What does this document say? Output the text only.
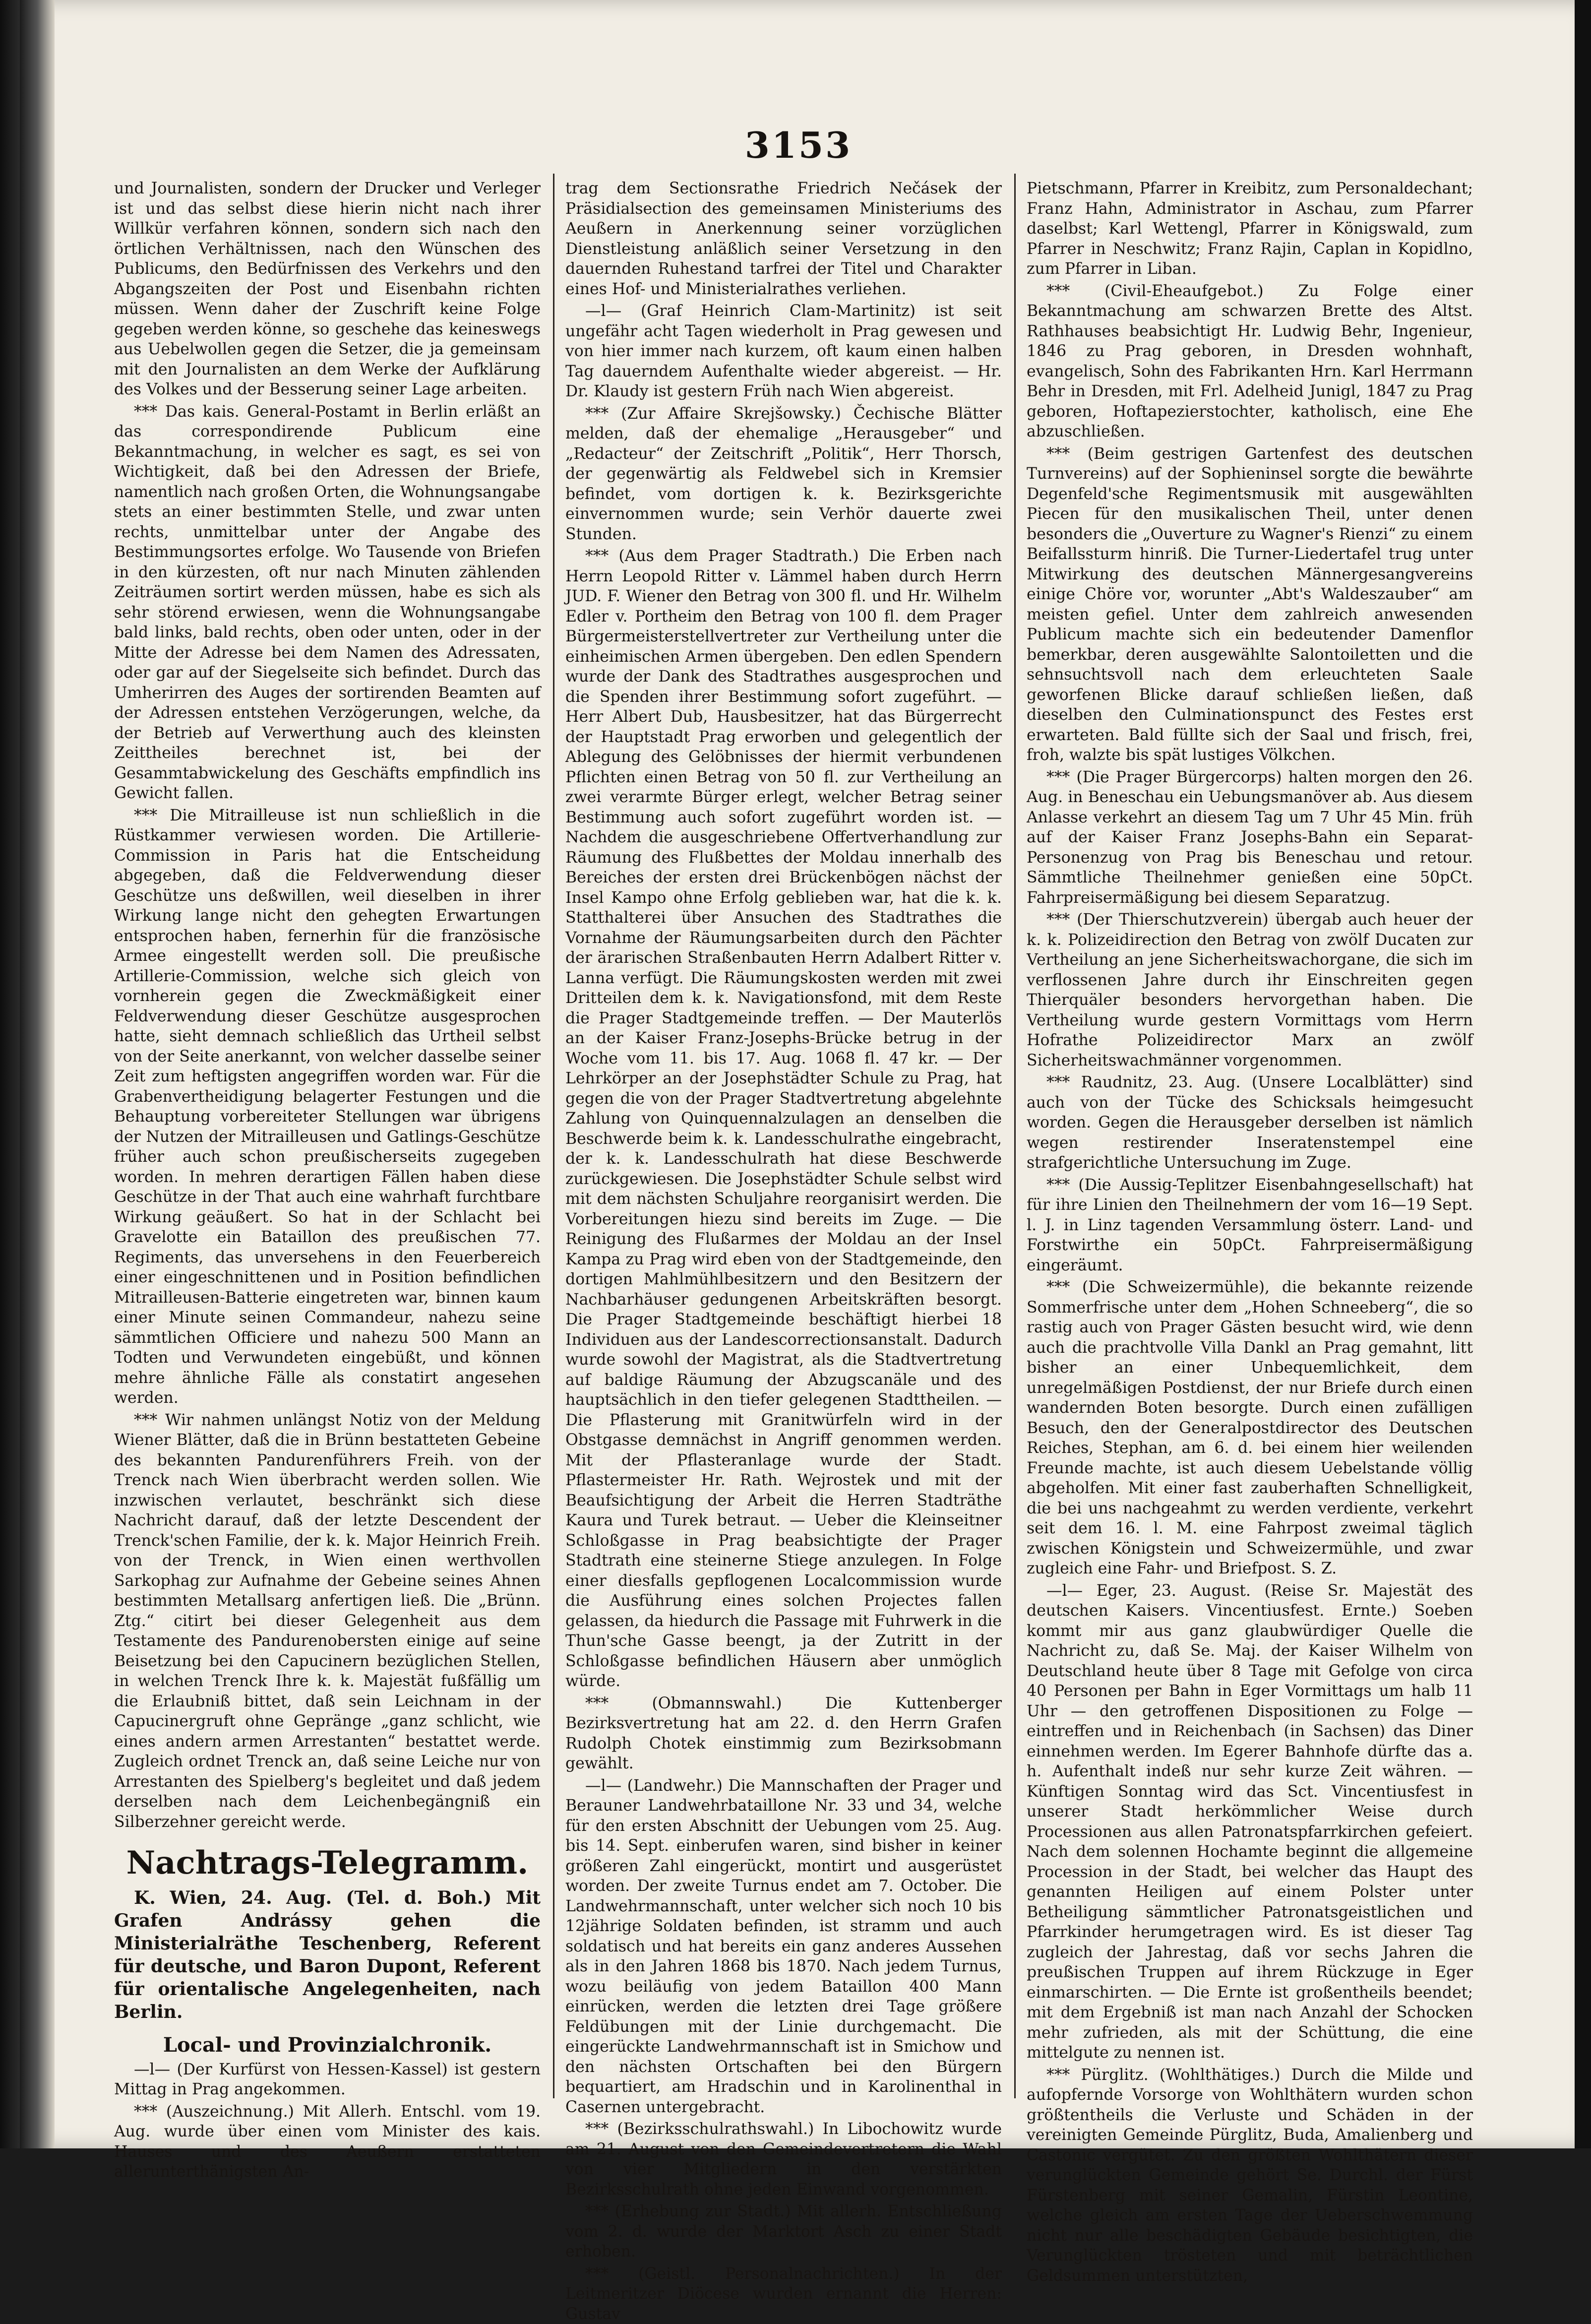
3153

und Journalisten, sondern der Drucker und Verleger ist und das selbst diese hierin nicht nach ihrer Willkür verfahren können, sondern sich nach den örtlichen Verhältnissen, nach den Wünschen des Publicums, den Bedürfnissen des Verkehrs und den Abgangszeiten der Post und Eisenbahn richten müssen. Wenn daher der Zuschrift keine Folge gegeben werden könne, so geschehe das keineswegs aus Uebelwollen gegen die Setzer, die ja gemeinsam mit den Journalisten an dem Werke der Aufklärung des Volkes und der Besserung seiner Lage arbeiten.

*** Das kais. General-Postamt in Berlin erläßt an das correspondirende Publicum eine Bekanntmachung, in welcher es sagt, es sei von Wichtigkeit, daß bei den Adressen der Briefe, namentlich nach großen Orten, die Wohnungsangabe stets an einer bestimmten Stelle, und zwar unten rechts, unmittelbar unter der Angabe des Bestimmungsortes erfolge. Wo Tausende von Briefen in den kürzesten, oft nur nach Minuten zählenden Zeiträumen sortirt werden müssen, habe es sich als sehr störend erwiesen, wenn die Wohnungsangabe bald links, bald rechts, oben oder unten, oder in der Mitte der Adresse bei dem Namen des Adressaten, oder gar auf der Siegelseite sich befindet. Durch das Umherirren des Auges der sortirenden Beamten auf der Adressen entstehen Verzögerungen, welche, da der Betrieb auf Verwerthung auch des kleinsten Zeittheiles berechnet ist, bei der Gesammtabwickelung des Geschäfts empfindlich ins Gewicht fallen.

*** Die Mitrailleuse ist nun schließlich in die Rüstkammer verwiesen worden. Die Artillerie-Commission in Paris hat die Entscheidung abgegeben, daß die Feldverwendung dieser Geschütze uns deßwillen, weil dieselben in ihrer Wirkung lange nicht den gehegten Erwartungen entsprochen haben, fernerhin für die französische Armee eingestellt werden soll. Die preußische Artillerie-Commission, welche sich gleich von vornherein gegen die Zweckmäßigkeit einer Feldverwendung dieser Geschütze ausgesprochen hatte, sieht demnach schließlich das Urtheil selbst von der Seite anerkannt, von welcher dasselbe seiner Zeit zum heftigsten angegriffen worden war. Für die Grabenvertheidigung belagerter Festungen und die Behauptung vorbereiteter Stellungen war übrigens der Nutzen der Mitrailleusen und Gatlings-Geschütze früher auch schon preußischerseits zugegeben worden. In mehren derartigen Fällen haben diese Geschütze in der That auch eine wahrhaft furchtbare Wirkung geäußert. So hat in der Schlacht bei Gravelotte ein Bataillon des preußischen 77. Regiments, das unversehens in den Feuerbereich einer eingeschnittenen und in Position befindlichen Mitrailleusen-Batterie eingetreten war, binnen kaum einer Minute seinen Commandeur, nahezu seine sämmtlichen Officiere und nahezu 500 Mann an Todten und Verwundeten eingebüßt, und können mehre ähnliche Fälle als constatirt angesehen werden.

*** Wir nahmen unlängst Notiz von der Meldung Wiener Blätter, daß die in Brünn bestatteten Gebeine des bekannten Pandurenführers Freih. von der Trenck nach Wien überbracht werden sollen. Wie inzwischen verlautet, beschränkt sich diese Nachricht darauf, daß der letzte Descendent der Trenck'schen Familie, der k. k. Major Heinrich Freih. von der Trenck, in Wien einen werthvollen Sarkophag zur Aufnahme der Gebeine seines Ahnen bestimmten Metallsarg anfertigen ließ. Die „Brünn. Ztg.“ citirt bei dieser Gelegenheit aus dem Testamente des Pandurenobersten einige auf seine Beisetzung bei den Capucinern bezüglichen Stellen, in welchen Trenck Ihre k. k. Majestät fußfällig um die Erlaubniß bittet, daß sein Leichnam in der Capucinergruft ohne Gepränge „ganz schlicht, wie eines andern armen Arrestanten“ bestattet werde. Zugleich ordnet Trenck an, daß seine Leiche nur von Arrestanten des Spielberg's begleitet und daß jedem derselben nach dem Leichenbegängniß ein Silberzehner gereicht werde.

Nachtrags-Telegramm.

K. Wien, 24. Aug. (Tel. d. Boh.) Mit Grafen Andrássy gehen die Ministerialräthe Teschenberg, Referent für deutsche, und Baron Dupont, Referent für orientalische Angelegenheiten, nach Berlin.

Local- und Provinzialchronik.

—l— (Der Kurfürst von Hessen-Kassel) ist gestern Mittag in Prag angekommen.

*** (Auszeichnung.) Mit Allerh. Entschl. vom 19. Aug. wurde über einen vom Minister des kais. Hauses und des Aeußern erstatteten allerunterthänigsten An-

trag dem Sectionsrathe Friedrich Nečásek der Präsidialsection des gemeinsamen Ministeriums des Aeußern in Anerkennung seiner vorzüglichen Dienstleistung anläßlich seiner Versetzung in den dauernden Ruhestand tarfrei der Titel und Charakter eines Hof- und Ministerialrathes verliehen.

—l— (Graf Heinrich Clam-Martinitz) ist seit ungefähr acht Tagen wiederholt in Prag gewesen und von hier immer nach kurzem, oft kaum einen halben Tag dauerndem Aufenthalte wieder abgereist. — Hr. Dr. Klaudy ist gestern Früh nach Wien abgereist.

*** (Zur Affaire Skrejšowsky.) Čechische Blätter melden, daß der ehemalige „Herausgeber“ und „Redacteur“ der Zeitschrift „Politik“, Herr Thorsch, der gegenwärtig als Feldwebel sich in Kremsier befindet, vom dortigen k. k. Bezirksgerichte einvernommen wurde; sein Verhör dauerte zwei Stunden.

*** (Aus dem Prager Stadtrath.) Die Erben nach Herrn Leopold Ritter v. Lämmel haben durch Herrn JUD. F. Wiener den Betrag von 300 fl. und Hr. Wilhelm Edler v. Portheim den Betrag von 100 fl. dem Prager Bürgermeisterstellvertreter zur Vertheilung unter die einheimischen Armen übergeben. Den edlen Spendern wurde der Dank des Stadtrathes ausgesprochen und die Spenden ihrer Bestimmung sofort zugeführt. — Herr Albert Dub, Hausbesitzer, hat das Bürgerrecht der Hauptstadt Prag erworben und gelegentlich der Ablegung des Gelöbnisses der hiermit verbundenen Pflichten einen Betrag von 50 fl. zur Vertheilung an zwei verarmte Bürger erlegt, welcher Betrag seiner Bestimmung auch sofort zugeführt worden ist. — Nachdem die ausgeschriebene Offertverhandlung zur Räumung des Flußbettes der Moldau innerhalb des Bereiches der ersten drei Brückenbögen nächst der Insel Kampo ohne Erfolg geblieben war, hat die k. k. Statthalterei über Ansuchen des Stadtrathes die Vornahme der Räumungsarbeiten durch den Pächter der ärarischen Straßenbauten Herrn Adalbert Ritter v. Lanna verfügt. Die Räumungskosten werden mit zwei Dritteilen dem k. k. Navigationsfond, mit dem Reste die Prager Stadtgemeinde treffen. — Der Mauterlös an der Kaiser Franz-Josephs-Brücke betrug in der Woche vom 11. bis 17. Aug. 1068 fl. 47 kr. — Der Lehrkörper an der Josephstädter Schule zu Prag, hat gegen die von der Prager Stadtvertretung abgelehnte Zahlung von Quinquennalzulagen an denselben die Beschwerde beim k. k. Landesschulrathe eingebracht, der k. k. Landesschulrath hat diese Beschwerde zurückgewiesen. Die Josephstädter Schule selbst wird mit dem nächsten Schuljahre reorganisirt werden. Die Vorbereitungen hiezu sind bereits im Zuge. — Die Reinigung des Flußarmes der Moldau an der Insel Kampa zu Prag wird eben von der Stadtgemeinde, den dortigen Mahlmühlbesitzern und den Besitzern der Nachbarhäuser gedungenen Arbeitskräften besorgt. Die Prager Stadtgemeinde beschäftigt hierbei 18 Individuen aus der Landescorrectionsanstalt. Dadurch wurde sowohl der Magistrat, als die Stadtvertretung auf baldige Räumung der Abzugscanäle und des hauptsächlich in den tiefer gelegenen Stadttheilen. — Die Pflasterung mit Granitwürfeln wird in der Obstgasse demnächst in Angriff genommen werden. Mit der Pflasteranlage wurde der Stadt. Pflastermeister Hr. Rath. Wejrostek und mit der Beaufsichtigung der Arbeit die Herren Stadträthe Kaura und Turek betraut. — Ueber die Kleinseitner Schloßgasse in Prag beabsichtigte der Prager Stadtrath eine steinerne Stiege anzulegen. In Folge einer diesfalls gepflogenen Localcommission wurde die Ausführung eines solchen Projectes fallen gelassen, da hiedurch die Passage mit Fuhrwerk in die Thun'sche Gasse beengt, ja der Zutritt in der Schloßgasse befindlichen Häusern aber unmöglich würde.

*** (Obmannswahl.) Die Kuttenberger Bezirksvertretung hat am 22. d. den Herrn Grafen Rudolph Chotek einstimmig zum Bezirksobmann gewählt.

—l— (Landwehr.) Die Mannschaften der Prager und Berauner Landwehrbataillone Nr. 33 und 34, welche für den ersten Abschnitt der Uebungen vom 25. Aug. bis 14. Sept. einberufen waren, sind bisher in keiner größeren Zahl eingerückt, montirt und ausgerüstet worden. Der zweite Turnus endet am 7. October. Die Landwehrmannschaft, unter welcher sich noch 10 bis 12jährige Soldaten befinden, ist stramm und auch soldatisch und hat bereits ein ganz anderes Aussehen als in den Jahren 1868 bis 1870. Nach jedem Turnus, wozu beiläufig von jedem Bataillon 400 Mann einrücken, werden die letzten drei Tage größere Feldübungen mit der Linie durchgemacht. Die eingerückte Landwehrmannschaft ist in Smichow und den nächsten Ortschaften bei den Bürgern bequartiert, am Hradschin und in Karolinenthal in Casernen untergebracht.

*** (Bezirksschulrathswahl.) In Libochowitz wurde am 21. August von den Gemeindevertretern die Wahl von vier Mitgliedern in den verstärkten Bezirksschulrath ohne jeden Einwand vorgenommen.

*** (Erhebung zur Stadt.) Mit allerh. Entschließung vom 2. d. wurde der Marktort Asch zu einer Stadt erhoben.

*** (Geistl. Personalnachrichten.) In der Leitmeritzer Diöcese wurden ernannt die Herren: Gustav

Pietschmann, Pfarrer in Kreibitz, zum Personaldechant; Franz Hahn, Administrator in Aschau, zum Pfarrer daselbst; Karl Wettengl, Pfarrer in Königswald, zum Pfarrer in Neschwitz; Franz Rajin, Caplan in Kopidlno, zum Pfarrer in Liban.

*** (Civil-Eheaufgebot.) Zu Folge einer Bekanntmachung am schwarzen Brette des Altst. Rathhauses beabsichtigt Hr. Ludwig Behr, Ingenieur, 1846 zu Prag geboren, in Dresden wohnhaft, evangelisch, Sohn des Fabrikanten Hrn. Karl Herrmann Behr in Dresden, mit Frl. Adelheid Junigl, 1847 zu Prag geboren, Hoftapezierstochter, katholisch, eine Ehe abzuschließen.

*** (Beim gestrigen Gartenfest des deutschen Turnvereins) auf der Sophieninsel sorgte die bewährte Degenfeld'sche Regimentsmusik mit ausgewählten Piecen für den musikalischen Theil, unter denen besonders die „Ouverture zu Wagner's Rienzi“ zu einem Beifallssturm hinriß. Die Turner-Liedertafel trug unter Mitwirkung des deutschen Männergesangvereins einige Chöre vor, worunter „Abt's Waldeszauber“ am meisten gefiel. Unter dem zahlreich anwesenden Publicum machte sich ein bedeutender Damenflor bemerkbar, deren ausgewählte Salontoiletten und die sehnsuchtsvoll nach dem erleuchteten Saale geworfenen Blicke darauf schließen ließen, daß dieselben den Culminationspunct des Festes erst erwarteten. Bald füllte sich der Saal und frisch, frei, froh, walzte bis spät lustiges Völkchen.

*** (Die Prager Bürgercorps) halten morgen den 26. Aug. in Beneschau ein Uebungsmanöver ab. Aus diesem Anlasse verkehrt an diesem Tag um 7 Uhr 45 Min. früh auf der Kaiser Franz Josephs-Bahn ein Separat-Personenzug von Prag bis Beneschau und retour. Sämmtliche Theilnehmer genießen eine 50pCt. Fahrpreisermäßigung bei diesem Separatzug.

*** (Der Thierschutzverein) übergab auch heuer der k. k. Polizeidirection den Betrag von zwölf Ducaten zur Vertheilung an jene Sicherheitswachorgane, die sich im verflossenen Jahre durch ihr Einschreiten gegen Thierquäler besonders hervorgethan haben. Die Vertheilung wurde gestern Vormittags vom Herrn Hofrathe Polizeidirector Marx an zwölf Sicherheitswachmänner vorgenommen.

*** Raudnitz, 23. Aug. (Unsere Localblätter) sind auch von der Tücke des Schicksals heimgesucht worden. Gegen die Herausgeber derselben ist nämlich wegen restirender Inseratenstempel eine strafgerichtliche Untersuchung im Zuge.

*** (Die Aussig-Teplitzer Eisenbahngesellschaft) hat für ihre Linien den Theilnehmern der vom 16—19 Sept. l. J. in Linz tagenden Versammlung österr. Land- und Forstwirthe ein 50pCt. Fahrpreisermäßigung eingeräumt.

*** (Die Schweizermühle), die bekannte reizende Sommerfrische unter dem „Hohen Schneeberg“, die so rastig auch von Prager Gästen besucht wird, wie denn auch die prachtvolle Villa Dankl an Prag gemahnt, litt bisher an einer Unbequemlichkeit, dem unregelmäßigen Postdienst, der nur Briefe durch einen wandernden Boten besorgte. Durch einen zufälligen Besuch, den der Generalpostdirector des Deutschen Reiches, Stephan, am 6. d. bei einem hier weilenden Freunde machte, ist auch diesem Uebelstande völlig abgeholfen. Mit einer fast zauberhaften Schnelligkeit, die bei uns nachgeahmt zu werden verdiente, verkehrt seit dem 16. l. M. eine Fahrpost zweimal täglich zwischen Königstein und Schweizermühle, und zwar zugleich eine Fahr- und Briefpost. S. Z.

—l— Eger, 23. August. (Reise Sr. Majestät des deutschen Kaisers. Vincentiusfest. Ernte.) Soeben kommt mir aus ganz glaubwürdiger Quelle die Nachricht zu, daß Se. Maj. der Kaiser Wilhelm von Deutschland heute über 8 Tage mit Gefolge von circa 40 Personen per Bahn in Eger Vormittags um halb 11 Uhr — den getroffenen Dispositionen zu Folge — eintreffen und in Reichenbach (in Sachsen) das Diner einnehmen werden. Im Egerer Bahnhofe dürfte das a. h. Aufenthalt indeß nur sehr kurze Zeit währen. — Künftigen Sonntag wird das Sct. Vincentiusfest in unserer Stadt herkömmlicher Weise durch Processionen aus allen Patronatspfarrkirchen gefeiert. Nach dem solennen Hochamte beginnt die allgemeine Procession in der Stadt, bei welcher das Haupt des genannten Heiligen auf einem Polster unter Betheiligung sämmtlicher Patronatsgeistlichen und Pfarrkinder herumgetragen wird. Es ist dieser Tag zugleich der Jahrestag, daß vor sechs Jahren die preußischen Truppen auf ihrem Rückzuge in Eger einmarschirten. — Die Ernte ist großentheils beendet; mit dem Ergebniß ist man nach Anzahl der Schocken mehr zufrieden, als mit der Schüttung, die eine mittelgute zu nennen ist.

*** Pürglitz. (Wohlthätiges.) Durch die Milde und aufopfernde Vorsorge von Wohlthätern wurden schon größtentheils die Verluste und Schäden in der vereinigten Gemeinde Pürglitz, Buda, Amalienberg und Castonic vergütet. Zu den größten Wohlthätern dieser verunglückten Gemeinde gehört Se. Durchl. der Fürst Fürstenberg mit seiner Gemalin, Fürstin Leontine, welche gleich am ersten Tage der Ueberschwemmung nicht nur alle beschädigten Gebäude besichtigten, die Verunglückten trösteten und mit beträchtlichen Geldsummen unterstützten,
